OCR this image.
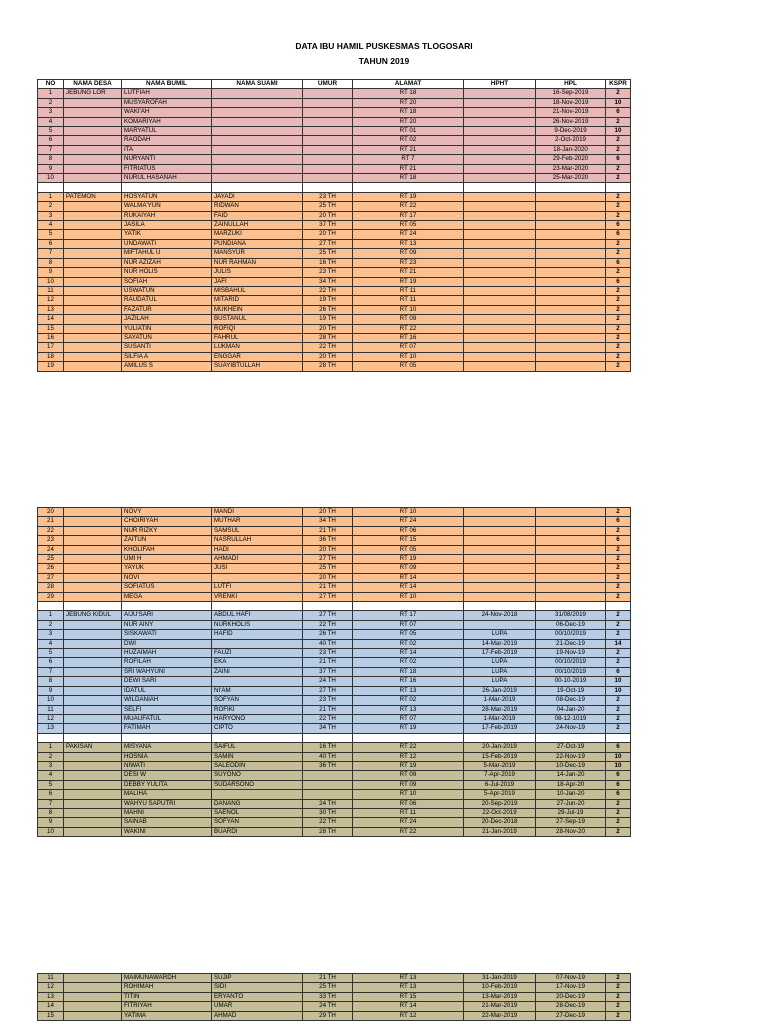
DATA IBU HAMIL PUSKESMAS TLOGOSARI
TAHUN 2019
NO	NAMA DESA	NAMA BUMIL	NAMA SUAMI	UMUR	ALAMAT	HPHT	HPL	KSPR
1	JEBUNG LOR	LUTFIAH			RT 18		16-Sep-2019	2
2		MUSYAROFAH			RT 20		18-Nov-2019	10
3		WAKI'AH			RT 18		21-Nov-2019	6
4		KOMARIYAH			RT 20		26-Nov-2019	2
5		MARYATUL			RT 01		9-Dec-2019	10
6		RAODAH			RT 02		2-Oct-2019	2
7		ITA			RT 21		18-Jan-2020	2
8		NURYANTI			RT 7		29-Feb-2020	6
9		FITRIATUS			RT 21		23-Mar-2020	2
10		NURUL HASANAH			RT 18		25-Mar-2020	2

1	PATEMON	HOSYATUN	JAYADI	23 TH	RT 19			2
2		WALMA'YUN	RIDWAN	25 TH	RT 22			2
3		RUKAIYAH	FAID	20 TH	RT 17			2
4		JASILA	ZAINULLAH	37 TH	RT 05			6
5		YATIK	MARZUKI	20 TH	RT 24			6
6		UNDAWATI	PUNDIANA	27 TH	RT 13			2
7		MIFTAHUL U	MANSYUR	25 TH	RT 09			2
8		NUR AZIZAH	NUR RAHMAN	16 TH	RT 23			6
9		NUR HOLIS	JULIS	23 TH	RT 21			2
10		SOFIAH	JAFI	34 TH	RT 19			6
11		USWATUN	MISBAHUL	22 TH	RT 11			2
12		RAUDATUL	MITARID	19 TH	RT 11			2
13		FAZATUR	MUKHEIN	26 TH	RT 10			2
14		JAZILAH	BUSTANUL	19 TH	RT 09			2
15		YULIATIN	ROFIQI	20 TH	RT 22			2
16		SAYATUN	FAHRUL	28 TH	RT 16			2
17		SUSANTI	LUKMAN	22 TH	RT 07			2
18		SILFIA A	ENGGAR	20 TH	RT 10			2
19		AMILUS S	SUAYIBTULLAH	28 TH	RT 05			2
20		NOVY	MANDI	20 TH	RT 10			2
21		CHOIRIYAH	MUTHAR	34 TH	RT 24			6
22		NUR RIZKY	SAMSUL	21 TH	RT 06			2
23		ZAITUN	NASRULLAH	36 TH	RT 15			6
24		KHOLIFAH	HADI	20 TH	RT 05			2
25		UMI H	AHMADI	27 TH	RT 19			2
26		YAYUK	JUSI	25 TH	RT 09			2
27		NOVI		20 TH	RT 14			2
28		SOFIATUS	LUTFI	21 TH	RT 14			2
29		MEGA	VRENKI	27 TH	RT 10			2

1	JEBUNG KIDUL	AIJU'SARI	ABDUL HAFI	27 TH	RT 17	24-Nov-2018	31/08/2019	2
2		NUR AINY	NURKHOLIS	22 TH	RT 07		06-Dec-19	2
3		SISKAWATI	HAFID	26 TH	RT 05	LUPA	00/10/2019	2
4		DWI		40 TH	RT 02	14-Mar-2019	21-Dec-19	14
5		HUZAIMAH	FAUZI	23 TH	RT 14	17-Feb-2019	19-Nov-19	2
6		ROFILAH	EKA	21 TH	RT 02	LUPA	00/10/2019	2
7		SRI WAHYUNI	ZAINI	37 TH	RT 18	LUPA	00/10/2019	6
8		DEWI SARI		24 TH	RT 16	LUPA	00-10-2019	10
9		IDATUL	NI'AM	27 TH	RT 13	26-Jan-2019	19-Oct-19	10
10		WILDANIAH	SOFYAN	23 TH	RT 02	1-Mar-2019	08-Dec-19	2
11		SELFI	ROFIKI	21 TH	RT 13	28-Mar-2019	04-Jan-20	2
12		MUAUFATUL	HARYONO	22 TH	RT 07	1-Mar-2019	08-12-1019	2
13		FATIMAH	CIPTO	34 TH	RT 19	17-Feb-2019	24-Nov-19	2

1	PAKISAN	MISYANA	SAIFUL	16 TH	RT 22	20-Jan-2019	27-Oct-19	6
2		HOSNIA	SAMIN	40 TH	RT 12	15-Feb-2019	22-Nov-19	10
3		NIWATI	SALEODIN	36 TH	RT 19	5-Mar-2019	10-Dec-19	10
4		DESI W	SUYONO		RT 09	7-Apr-2019	14-Jan-20	6
5		DEBBY YULITA	SUDARSONO		RT 09	6-Jul-2019	18-Apr-20	6
6		MALIHA			RT 10	5-Apr-2019	10-Jan-20	6
7		WAHYU SAPUTRI	DANANG	24 TH	RT 06	20-Sep-2019	27-Jun-20	2
8		MAHNI	SAENOL	30 TH	RT 11	22-Oct-2019	29-Jul-19	2
9		SAINAB	SOFYAN	22 TH	RT 24	20-Dec-2018	27-Sep-19	2
10		WAKINI	BUARDI	28 TH	RT 22	21-Jan-2019	28-Nov-20	2
11		MAIMUNAWARDH	SUJIP	21 TH	RT 13	31-Jan-2019	07-Nov-19	2
12		ROHIMAH	SIDI	25 TH	RT 13	10-Feb-2019	17-Nov-19	2
13		TITIN	ERYANTO	33 TH	RT 15	13-Mar-2019	20-Dec-19	2
14		FITRIYAH	UMAR	24 TH	RT 14	21-Mar-2019	28-Dec-19	2
15		YATIMA	AHMAD	29 TH	RT 12	22-Mar-2019	27-Dec-19	2
